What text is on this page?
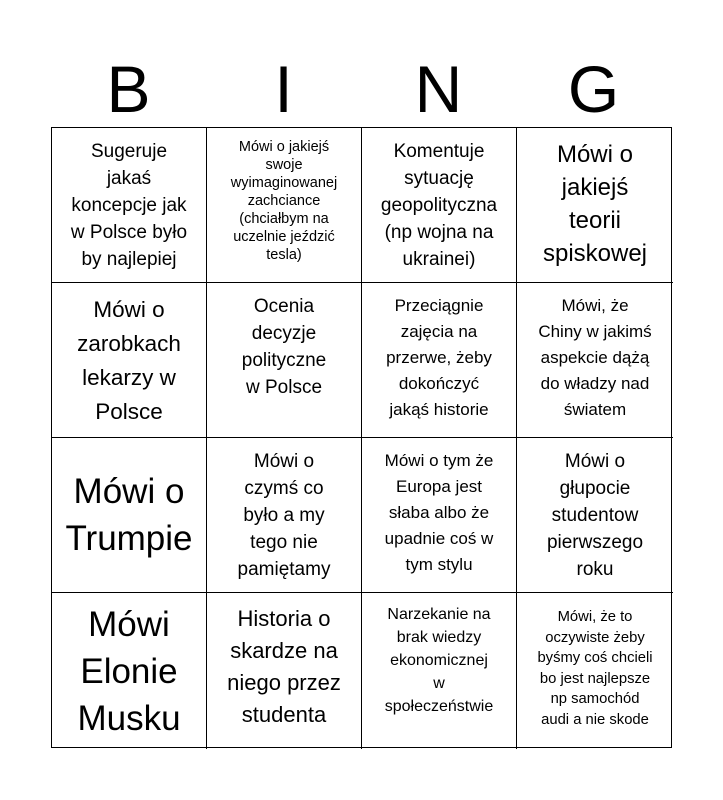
B	I	N	G
Sugeruje
jakaś
koncepcje jak
w Polsce było
by najlepiej
Mówi o jakiejś
swoje
wyimaginowanej
zachciance
(chciałbym na
uczelnie jeździć
tesla)
Komentuje
sytuację
geopolityczna
(np wojna na
ukrainei)
Mówi o
jakiejś
teorii
spiskowej
Mówi o
zarobkach
lekarzy w
Polsce
Ocenia
decyzje
polityczne
w Polsce
Przeciągnie
zajęcia na
przerwe, żeby
dokończyć
jakąś historie
Mówi, że
Chiny w jakimś
aspekcie dążą
do władzy nad
światem
Mówi o
Trumpie
Mówi o
czymś co
było a my
tego nie
pamiętamy
Mówi o tym że
Europa jest
słaba albo że
upadnie coś w
tym stylu
Mówi o
głupocie
studentow
pierwszego
roku
Mówi
Elonie
Musku
Historia o
skardze na
niego przez
studenta
Narzekanie na
brak wiedzy
ekonomicznej
w
społeczeństwie
Mówi, że to
oczywiste żeby
byśmy coś chcieli
bo jest najlepsze
np samochód
audi a nie skode
